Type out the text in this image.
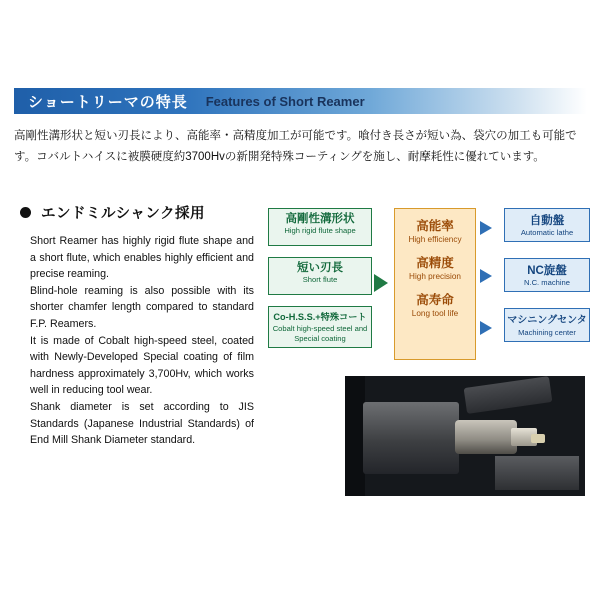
ショートリーマの特長 Features of Short Reamer
高剛性溝形状と短い刃長により、高能率・高精度加工が可能です。喰付き長さが短い為、袋穴の加工も可能です。コバルトハイスに被膜硬度約3700Hvの新開発特殊コーティングを施し、耐摩耗性に優れています。
エンドミルシャンク採用

Short Reamer has highly rigid flute shape and a short flute, which enables highly efficient and precise reaming.

Blind-hole reaming is also possible with its shorter chamfer length compared to standard F.P. Reamers.

It is made of Cobalt high-speed steel, coated with Newly-Developed Special coating of film hardness approximately 3,700Hv, which works well in reducing tool wear.

Shank diameter is set according to JIS Standards (Japanese Industrial Standards) of End Mill Shank Diameter standard.

高剛性溝形状
High rigid flute shape
短い刃長
Short flute
Co-H.S.S.+特殊コート
Cobalt high-speed steel and Special coating
高能率
High efficiency
高精度
High precision
高寿命
Long tool life
自動盤
Automatic lathe
NC旋盤
N.C. machine
マシニングセンタ
Machining center
